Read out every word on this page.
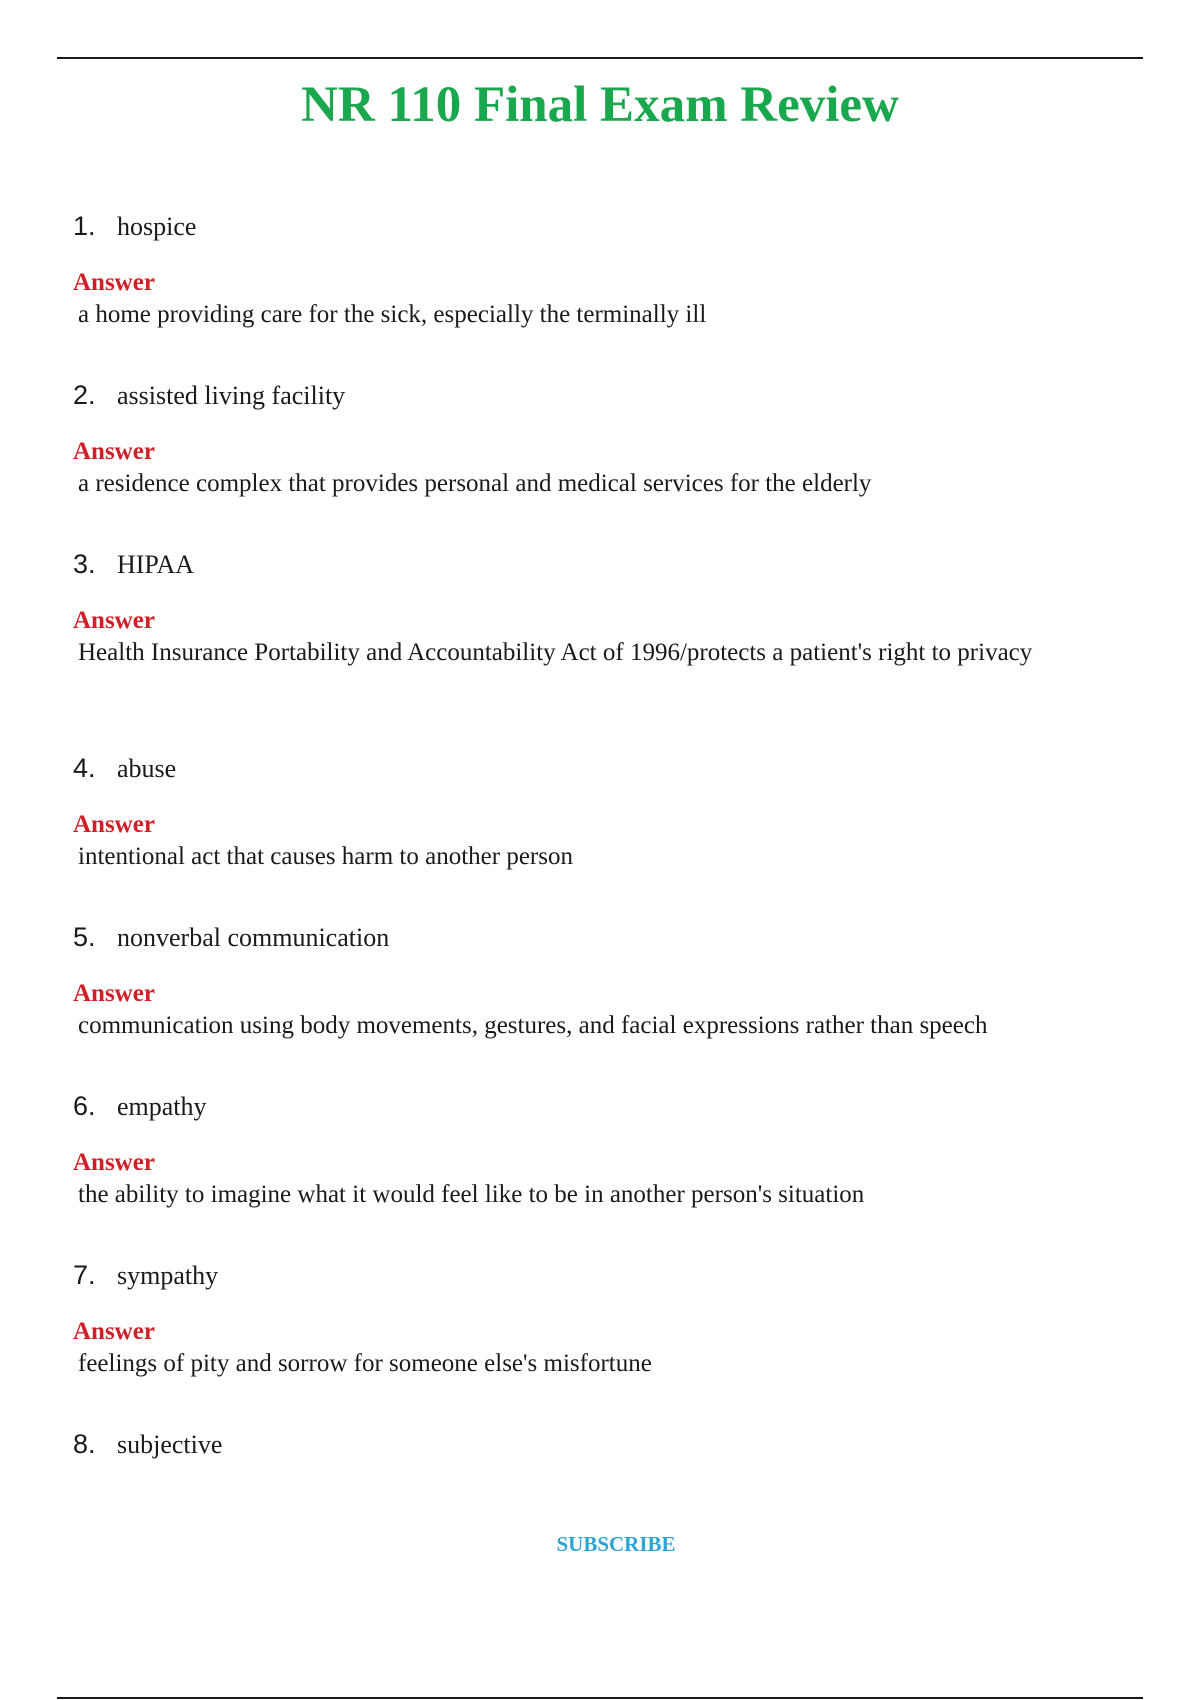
NR 110 Final Exam Review
1. hospice
Answer
a home providing care for the sick, especially the terminally ill
2. assisted living facility
Answer
a residence complex that provides personal and medical services for the elderly
3. HIPAA
Answer
Health Insurance Portability and Accountability Act of 1996/protects a patient's right to privacy
4. abuse
Answer
intentional act that causes harm to another person
5. nonverbal communication
Answer
communication using body movements, gestures, and facial expressions rather than speech
6. empathy
Answer
the ability to imagine what it would feel like to be in another person's situation
7. sympathy
Answer
feelings of pity and sorrow for someone else's misfortune
8. subjective
SUBSCRIBE
